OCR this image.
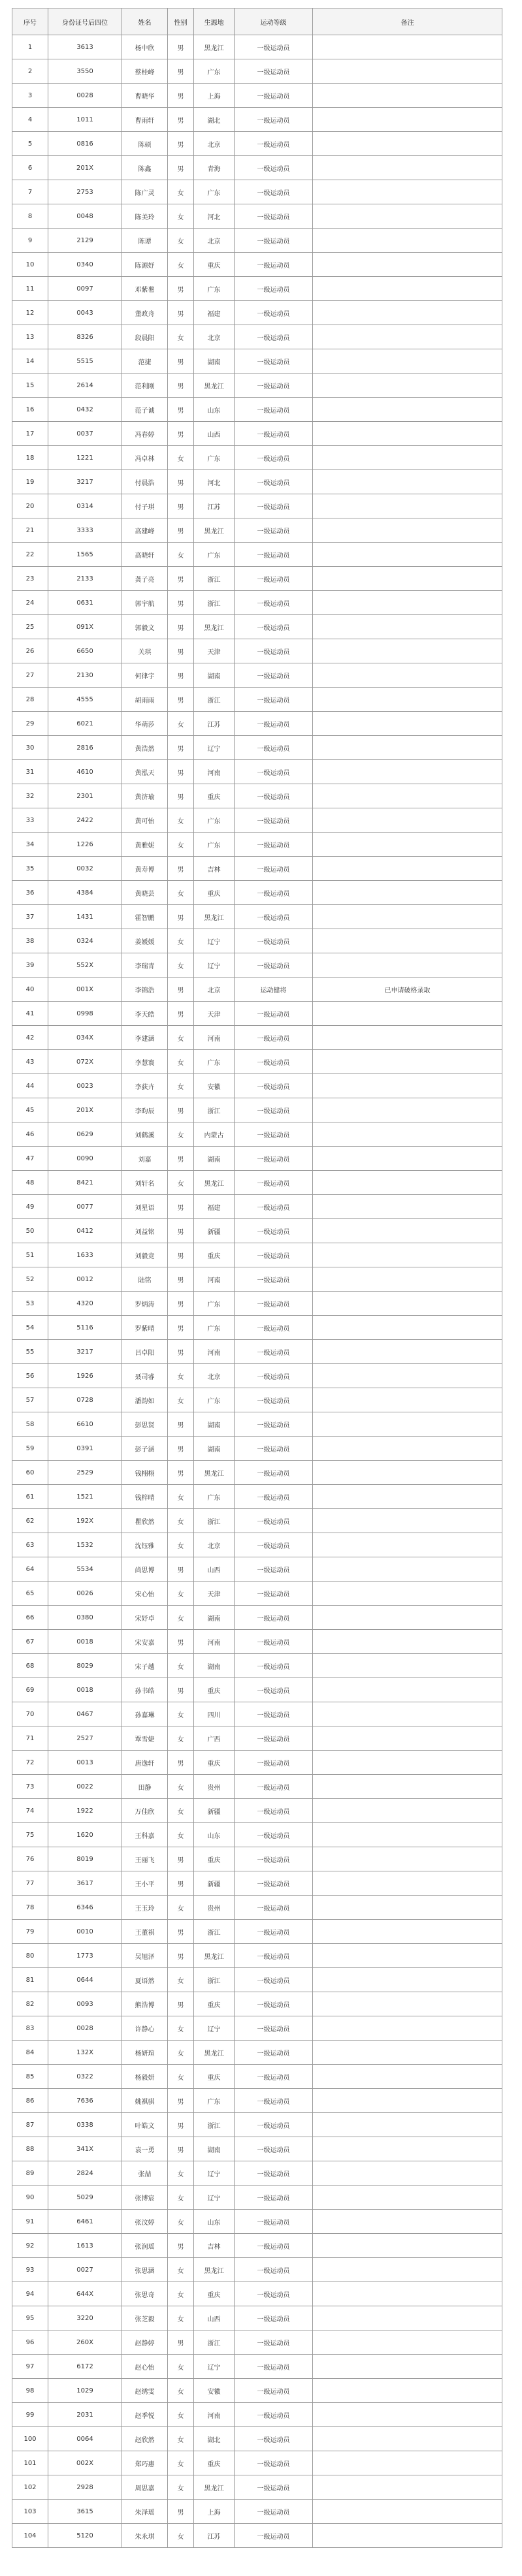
序号	身份证号后四位	姓名	性别	生源地	运动等级	备注
1	3613	杨中欣	男	黑龙江	一级运动员	
2	3550	蔡桂峰	男	广东	一级运动员	
3	0028	曹晓华	男	上海	一级运动员	
4	1011	曹雨轩	男	湖北	一级运动员	
5	0816	陈硕	男	北京	一级运动员	
6	201X	陈鑫	男	青海	一级运动员	
7	2753	陈广灵	女	广东	一级运动员	
8	0048	陈美玲	女	河北	一级运动员	
9	2129	陈谭	女	北京	一级运动员	
10	0340	陈源妤	女	重庆	一级运动员	
11	0097	邓紫薯	男	广东	一级运动员	
12	0043	董政舟	男	福建	一级运动员	
13	8326	段晨阳	女	北京	一级运动员	
14	5515	范捷	男	湖南	一级运动员	
15	2614	范利刚	男	黑龙江	一级运动员	
16	0432	范子诚	男	山东	一级运动员	
17	0037	冯春婷	男	山西	一级运动员	
18	1221	冯卓林	女	广东	一级运动员	
19	3217	付晨浩	男	河北	一级运动员	
20	0314	付子琪	男	江苏	一级运动员	
21	3333	高建峰	男	黑龙江	一级运动员	
22	1565	高晓轩	女	广东	一级运动员	
23	2133	龚子亮	男	浙江	一级运动员	
24	0631	郭宇航	男	浙江	一级运动员	
25	091X	郭毅文	男	黑龙江	一级运动员	
26	6650	关琪	男	天津	一级运动员	
27	2130	何律宇	男	湖南	一级运动员	
28	4555	胡雨雨	男	浙江	一级运动员	
29	6021	华萌莎	女	江苏	一级运动员	
30	2816	黄浩然	男	辽宁	一级运动员	
31	4610	黄泓天	男	河南	一级运动员	
32	2301	黄济瑜	男	重庆	一级运动员	
33	2422	黄可怡	女	广东	一级运动员	
34	1226	黄雅妮	女	广东	一级运动员	
35	0032	黄寿博	男	吉林	一级运动员	
36	4384	黄晓芸	女	重庆	一级运动员	
37	1431	霍智鹏	男	黑龙江	一级运动员	
38	0324	姜媛媛	女	辽宁	一级运动员	
39	552X	李瑞青	女	辽宁	一级运动员	
40	001X	李锦浩	男	北京	运动健将	已申请破格录取
41	0998	李天皓	男	天津	一级运动员	
42	034X	李建涵	女	河南	一级运动员	
43	072X	李慧寰	女	广东	一级运动员	
44	0023	李荻卉	女	安徽	一级运动员	
45	201X	李昀辰	男	浙江	一级运动员	
46	0629	刘鹤溪	女	内蒙古	一级运动员	
47	0090	刘嘉	男	湖南	一级运动员	
48	8421	刘轩名	女	黑龙江	一级运动员	
49	0077	刘星语	男	福建	一级运动员	
50	0412	刘益铭	男	新疆	一级运动员	
51	1633	刘毅竞	男	重庆	一级运动员	
52	0012	陆铭	男	河南	一级运动员	
53	4320	罗炳涛	男	广东	一级运动员	
54	5116	罗紫晴	男	广东	一级运动员	
55	3217	吕卓阳	男	河南	一级运动员	
56	1926	聂司睿	女	北京	一级运动员	
57	0728	潘韵如	女	广东	一级运动员	
58	6610	彭思贤	男	湖南	一级运动员	
59	0391	彭子涵	男	湖南	一级运动员	
60	2529	钱栩栩	男	黑龙江	一级运动员	
61	1521	钱梓晴	女	广东	一级运动员	
62	192X	瞿欣然	女	浙江	一级运动员	
63	1532	沈钰雅	女	北京	一级运动员	
64	5534	尚思博	男	山西	一级运动员	
65	0026	宋心怡	女	天津	一级运动员	
66	0380	宋妤卓	女	湖南	一级运动员	
67	0018	宋安嘉	男	河南	一级运动员	
68	8029	宋子越	女	湖南	一级运动员	
69	0018	孙书皓	男	重庆	一级运动员	
70	0467	孙嘉琳	女	四川	一级运动员	
71	2527	覃雪婕	女	广西	一级运动员	
72	0013	唐逸轩	男	重庆	一级运动员	
73	0022	田静	女	贵州	一级运动员	
74	1922	万佳欣	女	新疆	一级运动员	
75	1620	王科嘉	女	山东	一级运动员	
76	8019	王丽飞	男	重庆	一级运动员	
77	3617	王小平	男	新疆	一级运动员	
78	6346	王玉玲	女	贵州	一级运动员	
79	0010	王董祺	男	浙江	一级运动员	
80	1773	吴旭泽	男	黑龙江	一级运动员	
81	0644	夏语然	女	浙江	一级运动员	
82	0093	熊浩博	男	重庆	一级运动员	
83	0028	许静心	女	辽宁	一级运动员	
84	132X	杨妍瑄	女	黑龙江	一级运动员	
85	0322	杨毅妍	女	重庆	一级运动员	
86	7636	姚祺骐	男	广东	一级运动员	
87	0338	叶皓文	男	浙江	一级运动员	
88	341X	袁一勇	男	湖南	一级运动员	
89	2824	张喆	女	辽宁	一级运动员	
90	5029	张博宸	女	辽宁	一级运动员	
91	6461	张汶婷	女	山东	一级运动员	
92	1613	张润瑶	男	吉林	一级运动员	
93	0027	张思涵	女	黑龙江	一级运动员	
94	644X	张思奇	女	重庆	一级运动员	
95	3220	张芝毅	女	山西	一级运动员	
96	260X	赵静婷	男	浙江	一级运动员	
97	6172	赵心怡	女	辽宁	一级运动员	
98	1029	赵绣雯	女	安徽	一级运动员	
99	2031	赵季悦	女	河南	一级运动员	
100	0064	赵欣然	女	湖北	一级运动员	
101	002X	郑巧惠	女	重庆	一级运动员	
102	2928	周思嘉	女	黑龙江	一级运动员	
103	3615	朱泽瑶	男	上海	一级运动员	
104	5120	朱永琪	女	江苏	一级运动员	
